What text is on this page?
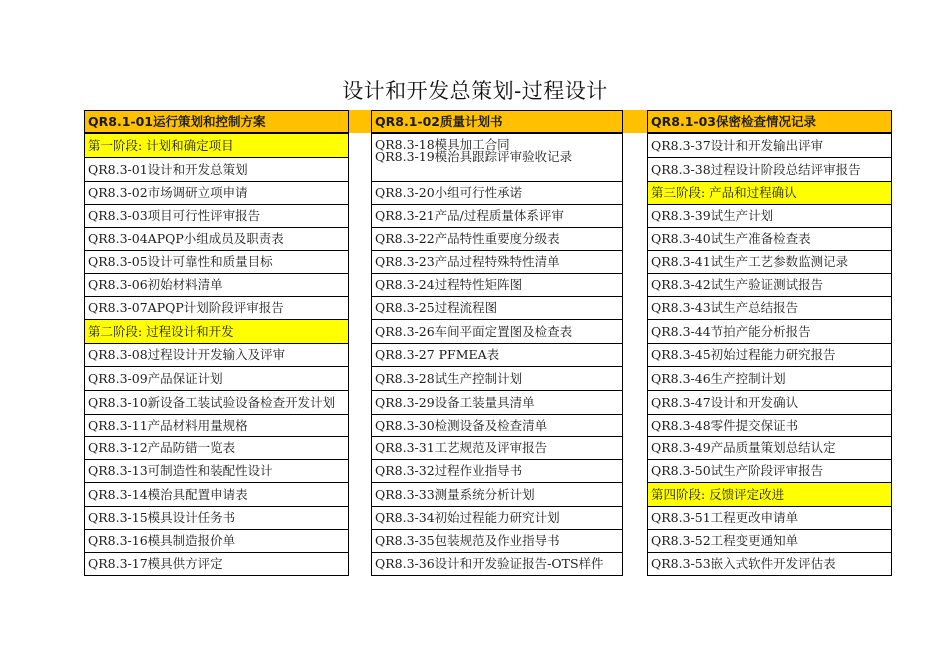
设计和开发总策划-过程设计
QR8.1-01运行策划和控制方案
第一阶段: 计划和确定项目
QR8.3-01设计和开发总策划
QR8.3-02市场调研立项申请
QR8.3-03项目可行性评审报告
QR8.3-04APQP小组成员及职责表
QR8.3-05设计可靠性和质量目标
QR8.3-06初始材料清单
QR8.3-07APQP计划阶段评审报告
第二阶段: 过程设计和开发
QR8.3-08过程设计开发输入及评审
QR8.3-09产品保证计划
QR8.3-10新设备工装试验设备检查开发计划
QR8.3-11产品材料用量规格
QR8.3-12产品防错一览表
QR8.3-13可制造性和装配性设计
QR8.3-14模治具配置申请表
QR8.3-15模具设计任务书
QR8.3-16模具制造报价单
QR8.3-17模具供方评定
QR8.1-02质量计划书
QR8.3-18模具加工合同
QR8.3-19模治具跟踪评审验收记录
QR8.3-20小组可行性承诺
QR8.3-21产品/过程质量体系评审
QR8.3-22产品特性重要度分级表
QR8.3-23产品过程特殊特性清单
QR8.3-24过程特性矩阵图
QR8.3-25过程流程图
QR8.3-26车间平面定置图及检查表
QR8.3-27 PFMEA表
QR8.3-28试生产控制计划
QR8.3-29设备工装量具清单
QR8.3-30检测设备及检查清单
QR8.3-31工艺规范及评审报告
QR8.3-32过程作业指导书
QR8.3-33测量系统分析计划
QR8.3-34初始过程能力研究计划
QR8.3-35包装规范及作业指导书
QR8.3-36设计和开发验证报告-OTS样件
QR8.1-03保密检查情况记录
QR8.3-37设计和开发输出评审
QR8.3-38过程设计阶段总结评审报告
第三阶段: 产品和过程确认
QR8.3-39试生产计划
QR8.3-40试生产准备检查表
QR8.3-41试生产工艺参数监测记录
QR8.3-42试生产验证测试报告
QR8.3-43试生产总结报告
QR8.3-44节拍产能分析报告
QR8.3-45初始过程能力研究报告
QR8.3-46生产控制计划
QR8.3-47设计和开发确认
QR8.3-48零件提交保证书
QR8.3-49产品质量策划总结认定
QR8.3-50试生产阶段评审报告
第四阶段: 反馈评定改进
QR8.3-51工程更改申请单
QR8.3-52工程变更通知单
QR8.3-53嵌入式软件开发评估表
